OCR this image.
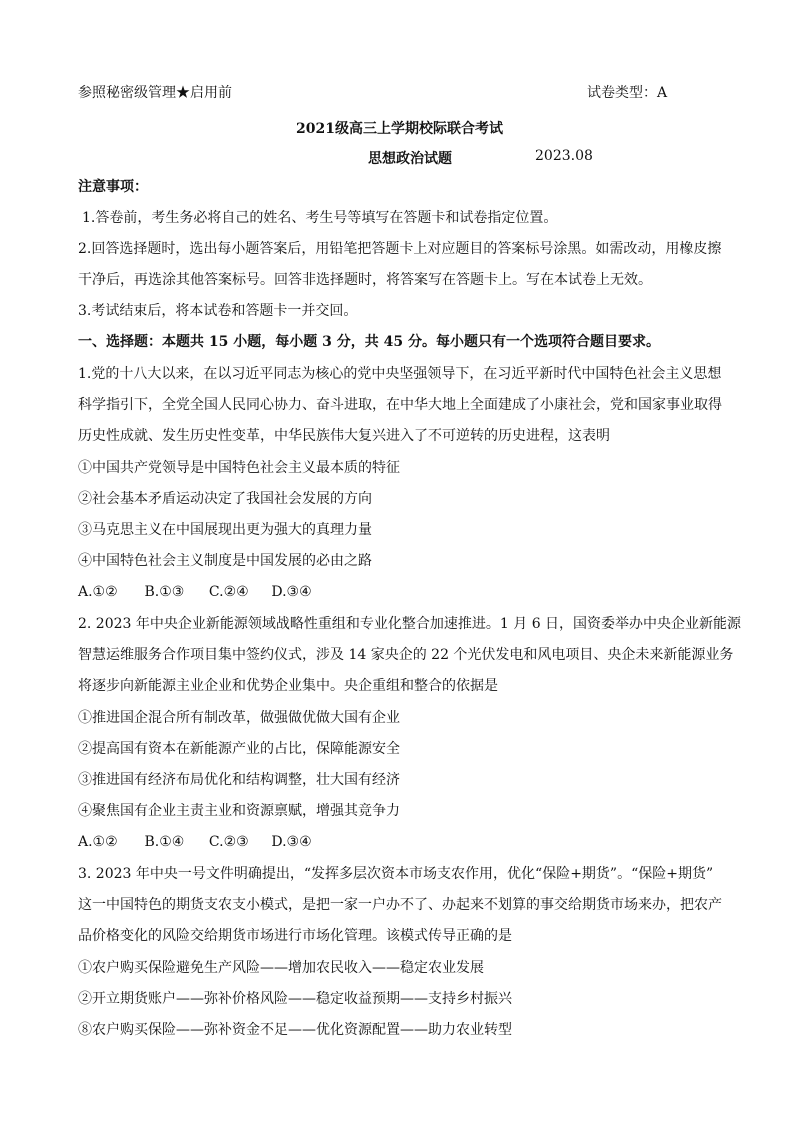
参照秘密级管理★启用前	试卷类型：A
2021级高三上学期校际联合考试
思想政治试题	2023.08
注意事项：
1.答卷前，考生务必将自己的姓名、考生号等填写在答题卡和试卷指定位置。
2.回答选择题时，选出每小题答案后，用铅笔把答题卡上对应题目的答案标号涂黑。如需改动，用橡皮擦
干净后，再选涂其他答案标号。回答非选择题时，将答案写在答题卡上。写在本试卷上无效。
3.考试结束后，将本试卷和答题卡一并交回。
一、选择题：本题共 15 小题，每小题 3 分，共 45 分。每小题只有一个选项符合题目要求。
1.党的十八大以来，在以习近平同志为核心的党中央坚强领导下，在习近平新时代中国特色社会主义思想
科学指引下，全党全国人民同心协力、奋斗进取，在中华大地上全面建成了小康社会，党和国家事业取得
历史性成就、发生历史性变革，中华民族伟大复兴进入了不可逆转的历史进程，这表明
①中国共产党领导是中国特色社会主义最本质的特征
②社会基本矛盾运动决定了我国社会发展的方向
③马克思主义在中国展现出更为强大的真理力量
④中国特色社会主义制度是中国发展的必由之路
A.①② B.①③ C.②④ D.③④
2. 2023 年中央企业新能源领域战略性重组和专业化整合加速推进。1 月 6 日，国资委举办中央企业新能源
智慧运维服务合作项目集中签约仪式，涉及 14 家央企的 22 个光伏发电和风电项目、央企未来新能源业务
将逐步向新能源主业企业和优势企业集中。央企重组和整合的依据是
①推进国企混合所有制改革，做强做优做大国有企业
②提高国有资本在新能源产业的占比，保障能源安全
③推进国有经济布局优化和结构调整，壮大国有经济
④聚焦国有企业主责主业和资源禀赋，增强其竞争力
A.①② B.①④ C.②③ D.③④
3. 2023 年中央一号文件明确提出，“发挥多层次资本市场支农作用，优化“保险+期货”。“保险+期货”
这一中国特色的期货支农支小模式，是把一家一户办不了、办起来不划算的事交给期货市场来办，把农产
品价格变化的风险交给期货市场进行市场化管理。该模式传导正确的是
①农户购买保险避免生产风险——增加农民收入——稳定农业发展
②开立期货账户——弥补价格风险——稳定收益预期——支持乡村振兴
⑧农户购买保险——弥补资金不足——优化资源配置——助力农业转型
